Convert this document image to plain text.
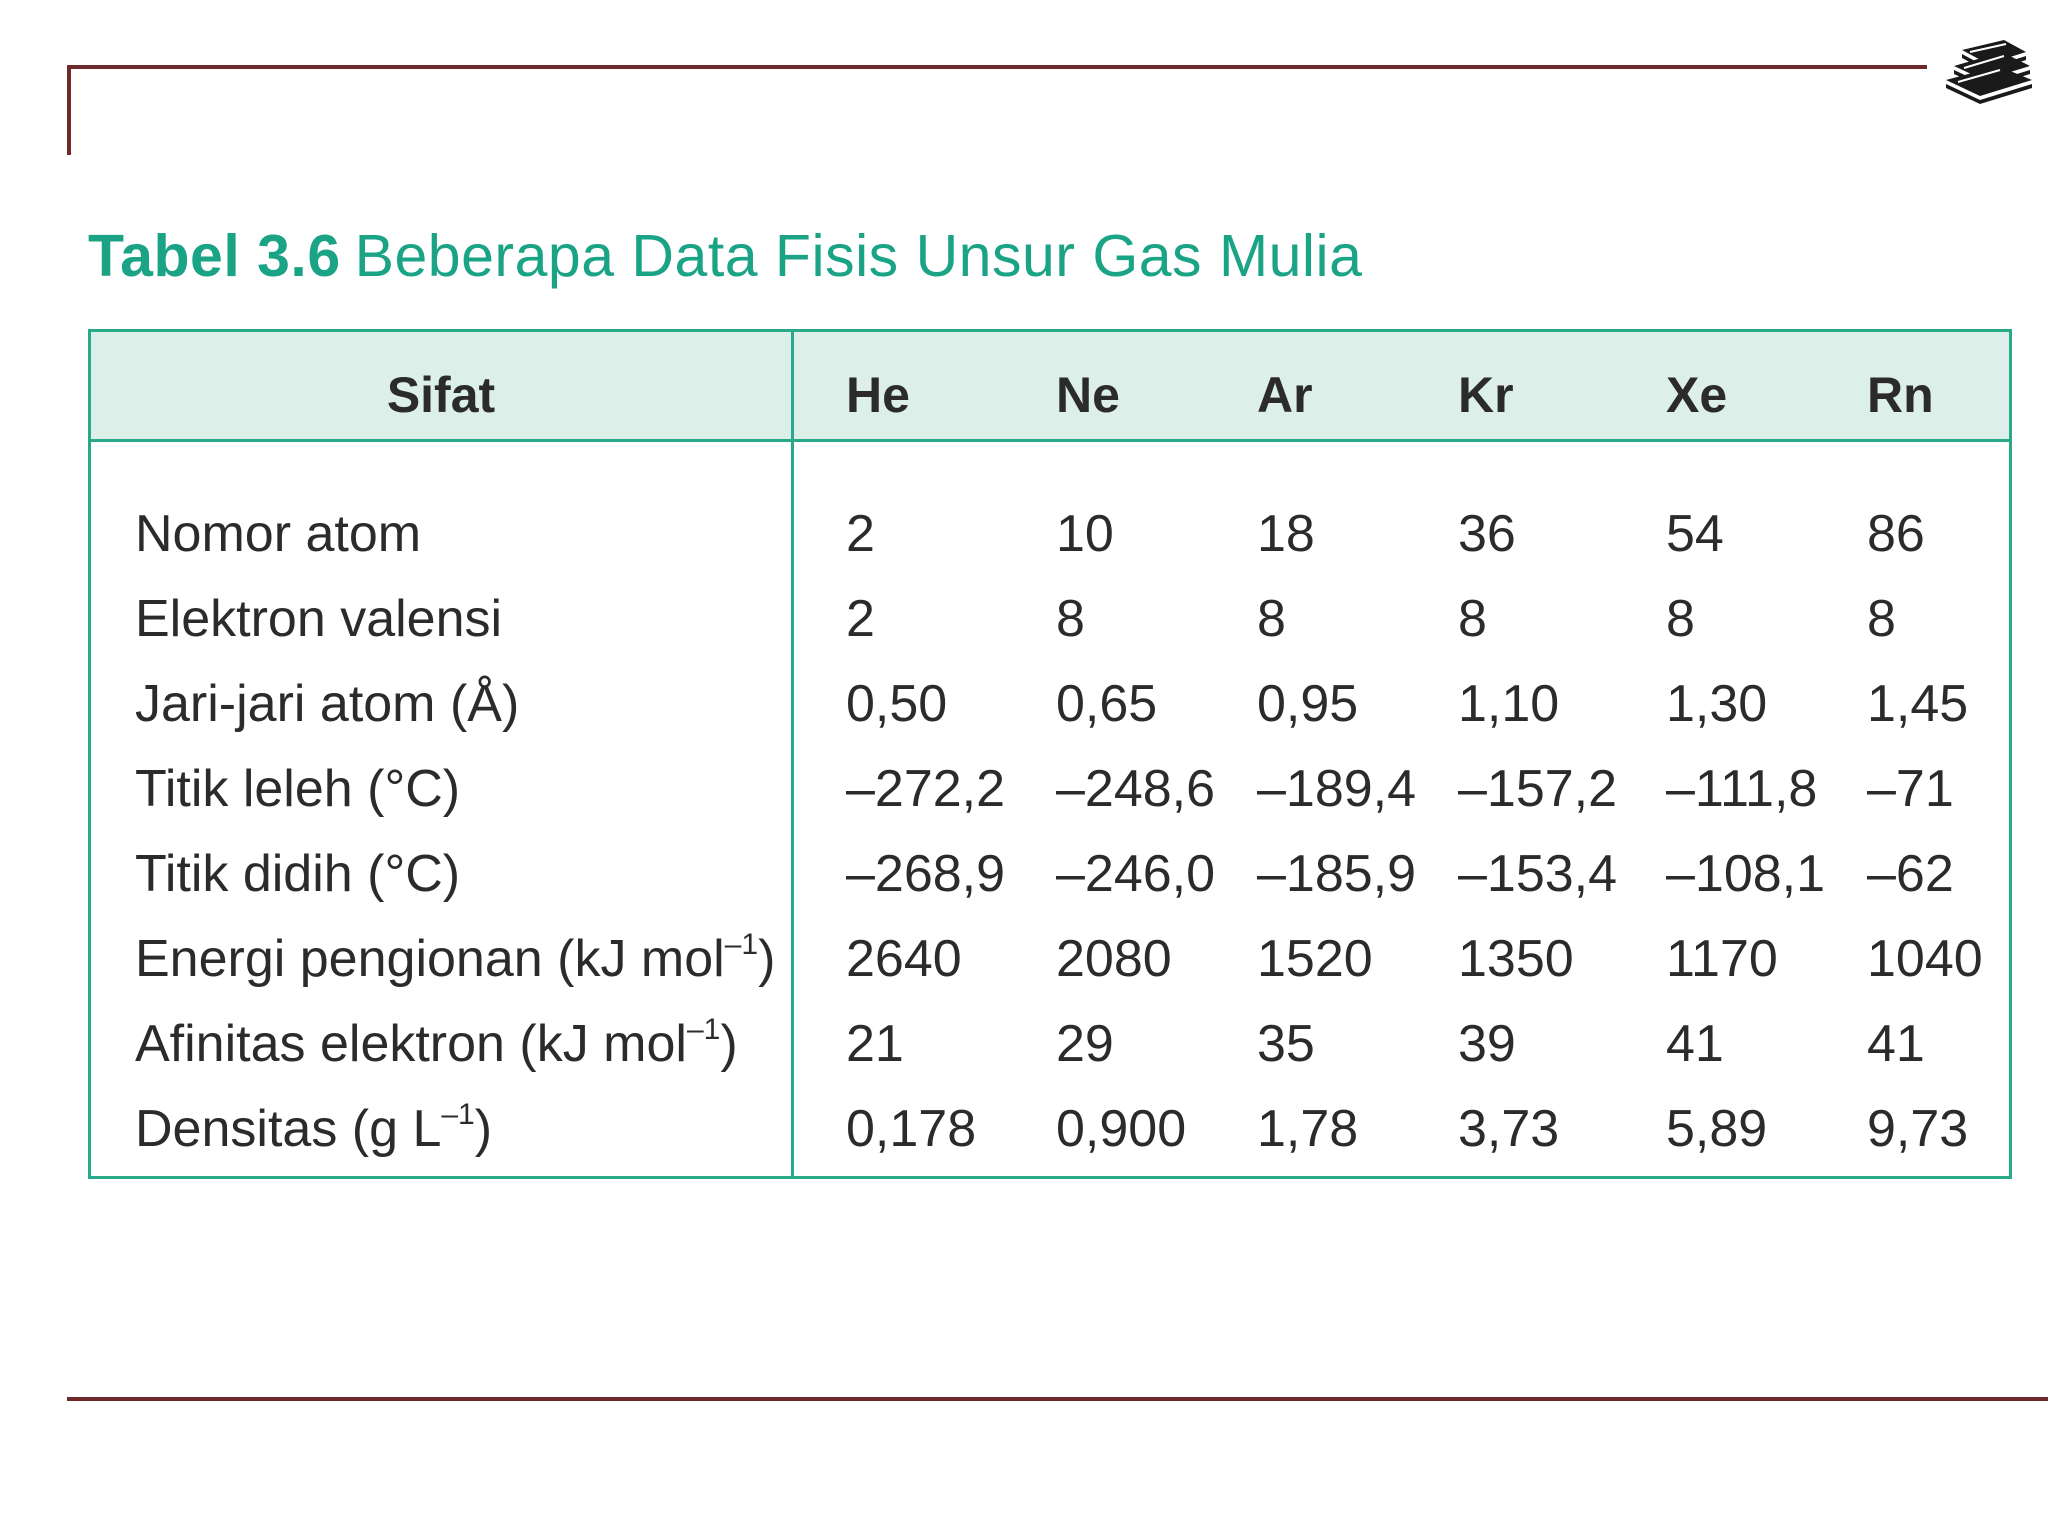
Tabel 3.6 Beberapa Data Fisis Unsur Gas Mulia
Sifat	He	Ne	Ar	Kr	Xe	Rn
Nomor atom	2	10	18	36	54	86
Elektron valensi	2	8	8	8	8	8
Jari-jari atom (Å)	0,50 0,65 0,95 1,10 1,30 1,45
Titik leleh (°C)	–272,2 –248,6 –189,4 –157,2 –111,8 –71
Titik didih (°C)	–268,9 –246,0 –185,9 –153,4 –108,1 –62
Energi pengionan (kJ mol$^{-1}$) 2640 2080 1520 1350 1170 1040
Afinitas elektron (kJ mol$^{-1}$) 21	29	35	39	41	41
Densitas (g $L^{-1}$)	0,178 0,900 1,78 3,73 5,89 9,73
